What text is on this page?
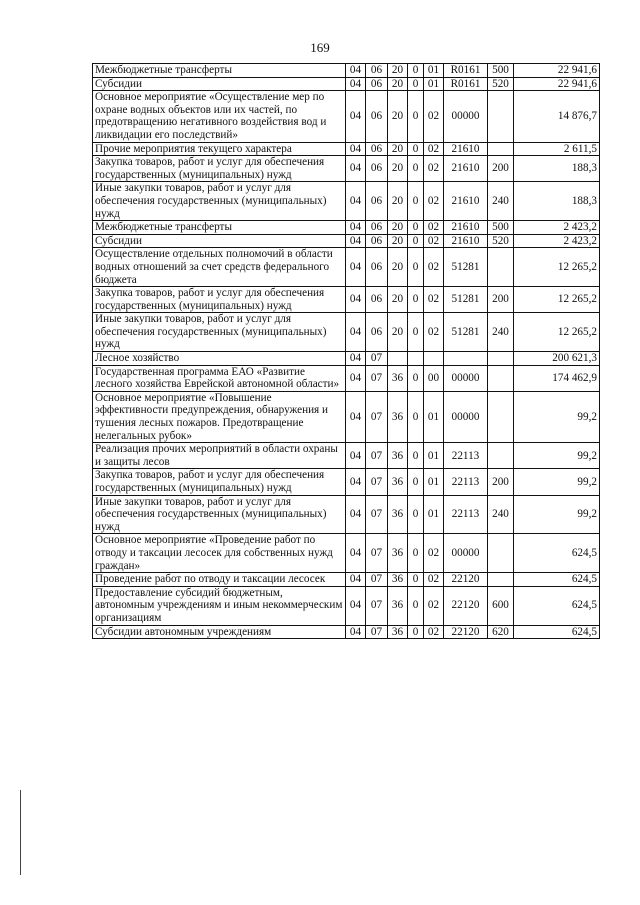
169
Межбюджетные трансферты	04	06	20	0	01	R0161	500	22 941,6
Субсидии	04	06	20	0	01	R0161	520	22 941,6
Основное мероприятие «Осуществление мер по охране водных объектов или их частей, по предотвращению негативного воздействия вод и ликвидации его последствий»	04	06	20	0	02	00000		14 876,7
Прочие мероприятия текущего характера	04	06	20	0	02	21610		2 611,5
Закупка товаров, работ и услуг для обеспечения государственных (муниципальных) нужд	04	06	20	0	02	21610	200	188,3
Иные закупки товаров, работ и услуг для обеспечения государственных (муниципальных) нужд	04	06	20	0	02	21610	240	188,3
Межбюджетные трансферты	04	06	20	0	02	21610	500	2 423,2
Субсидии	04	06	20	0	02	21610	520	2 423,2
Осуществление отдельных полномочий в области водных отношений за счет средств федерального бюджета	04	06	20	0	02	51281		12 265,2
Закупка товаров, работ и услуг для обеспечения государственных (муниципальных) нужд	04	06	20	0	02	51281	200	12 265,2
Иные закупки товаров, работ и услуг для обеспечения государственных (муниципальных) нужд	04	06	20	0	02	51281	240	12 265,2
Лесное хозяйство	04	07						200 621,3
Государственная программа ЕАО «Развитие лесного хозяйства Еврейской автономной области»	04	07	36	0	00	00000		174 462,9
Основное мероприятие «Повышение эффективности предупреждения, обнаружения и тушения лесных пожаров. Предотвращение нелегальных рубок»	04	07	36	0	01	00000		99,2
Реализация прочих мероприятий в области охраны и защиты лесов	04	07	36	0	01	22113		99,2
Закупка товаров, работ и услуг для обеспечения государственных (муниципальных) нужд	04	07	36	0	01	22113	200	99,2
Иные закупки товаров, работ и услуг для обеспечения государственных (муниципальных) нужд	04	07	36	0	01	22113	240	99,2
Основное мероприятие «Проведение работ по отводу и таксации лесосек для собственных нужд граждан»	04	07	36	0	02	00000		624,5
Проведение работ по отводу и таксации лесосек	04	07	36	0	02	22120		624,5
Предоставление субсидий бюджетным, автономным учреждениям и иным некоммерческим организациям	04	07	36	0	02	22120	600	624,5
Субсидии автономным учреждениям	04	07	36	0	02	22120	620	624,5
